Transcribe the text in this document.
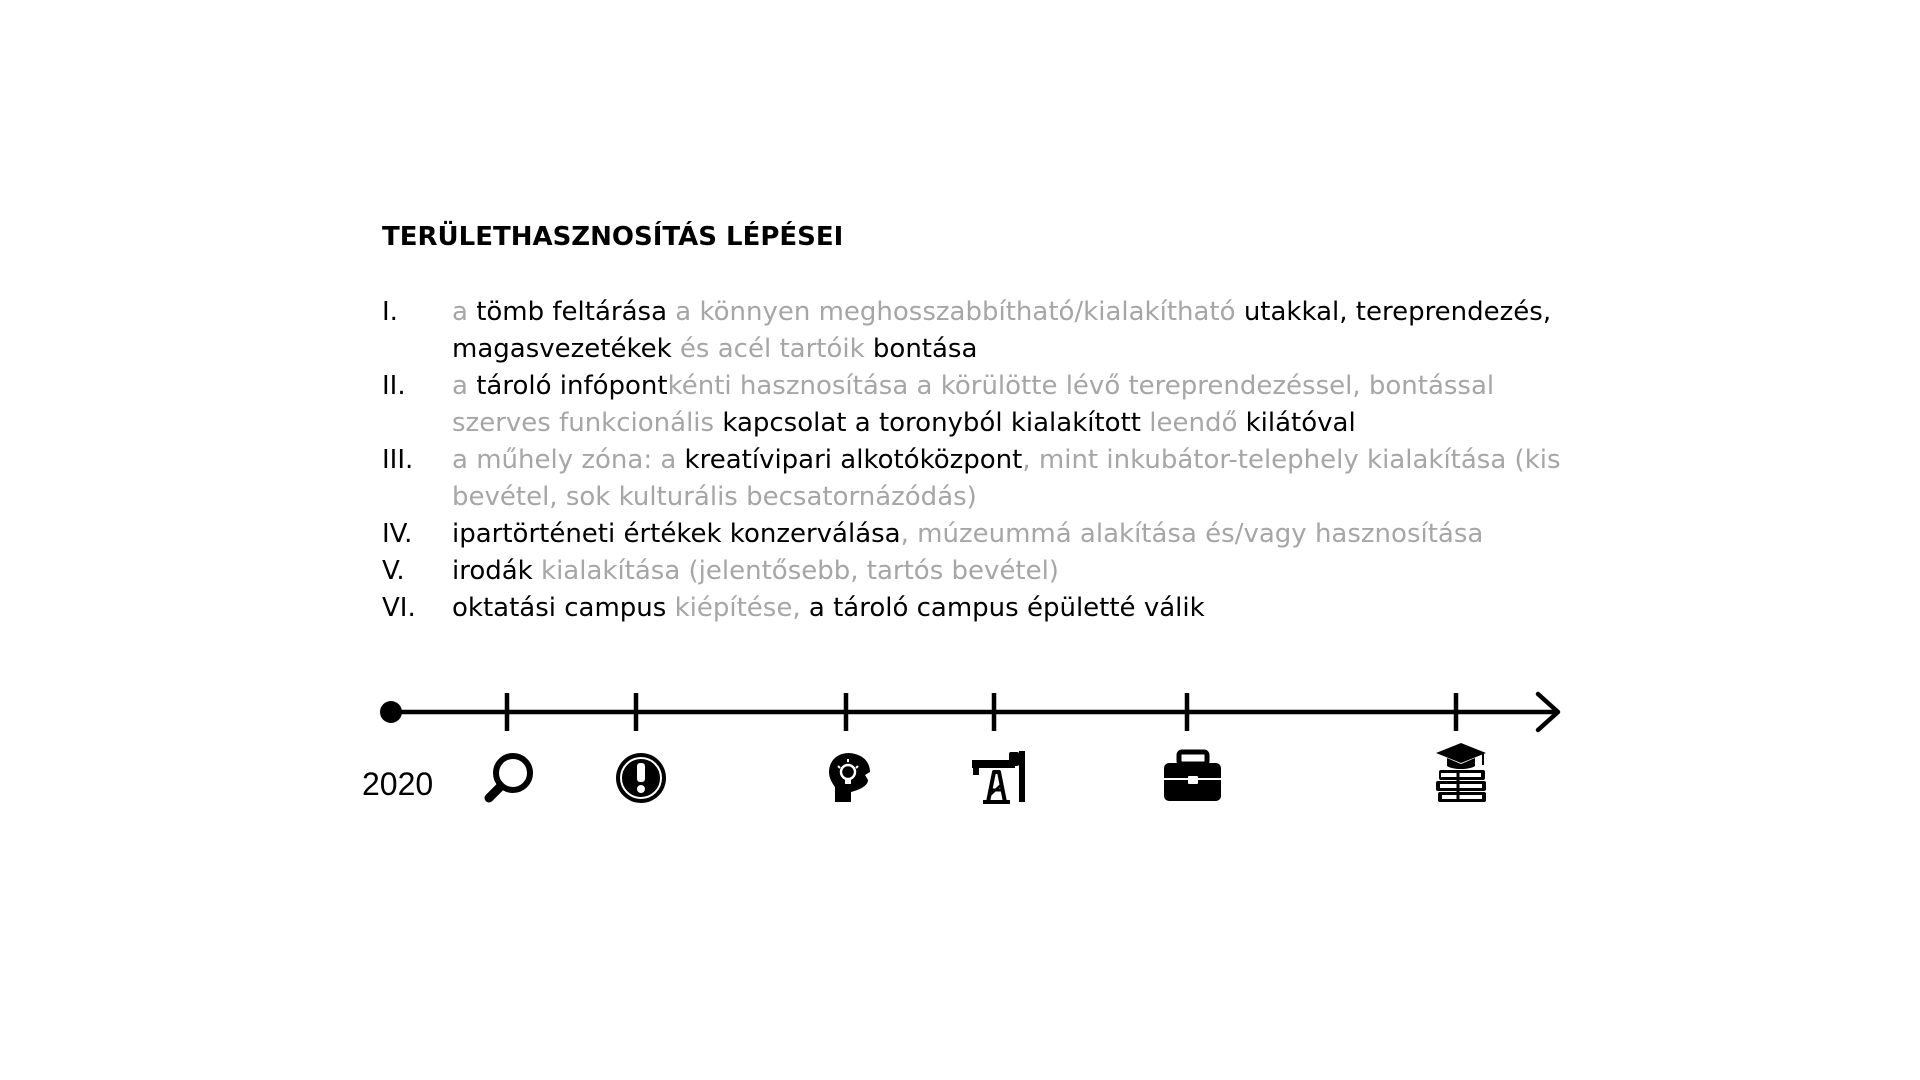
TERÜLETHASZNOSÍTÁS LÉPÉSEI
I. a tömb feltárása a könnyen meghosszabbítható/kialakítható utakkal, tereprendezés, magasvezetékek és acél tartóik bontása
II. a tároló infópontkénti hasznosítása a körülötte lévő tereprendezéssel, bontással szerves funkcionális kapcsolat a toronyból kialakított leendő kilátóval
III. a műhely zóna: a kreatívipari alkotóközpont, mint inkubátor-telephely kialakítása (kis bevétel, sok kulturális becsatornázódás)
IV. ipartörténeti értékek konzerválása, múzeummá alakítása és/vagy hasznosítása
V. irodák kialakítása (jelentősebb, tartós bevétel)
VI. oktatási campus kiépítése, a tároló campus épületté válik
2020
